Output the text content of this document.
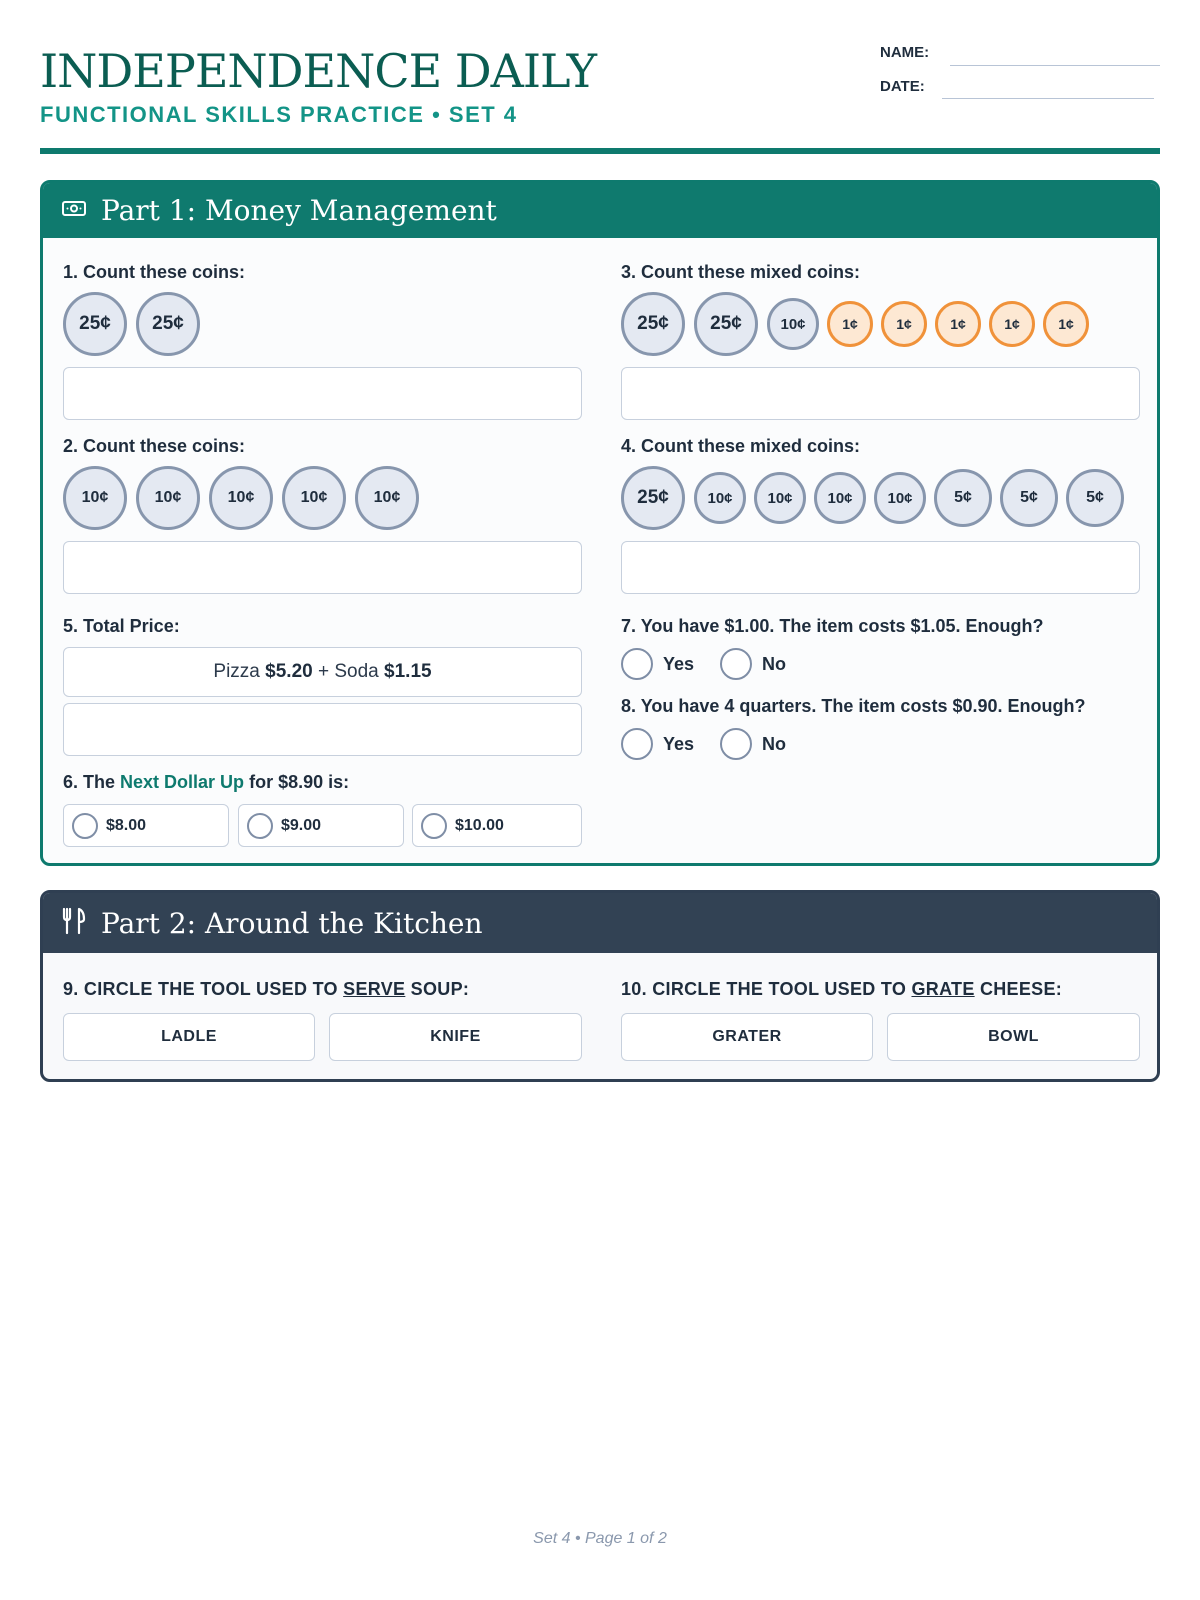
INDEPENDENCE DAILY
FUNCTIONAL SKILLS PRACTICE • SET 4
NAME:
DATE:
Part 1: Money Management
1. Count these coins:
25¢	25¢
2. Count these coins:
10¢	10¢	10¢	10¢	10¢
3. Count these mixed coins:
25¢	25¢	10¢	1¢	1¢	1¢	1¢	1¢
4. Count these mixed coins:
25¢	10¢	10¢	10¢	10¢	5¢	5¢	5¢
5. Total Price:
Pizza
$5.20
+
Soda
$1.15
6. The Next Dollar Up for $8.90 is:
$8.00	$9.00	$10.00
7. You have $1.00. The item costs $1.05. Enough?
Yes	No
8. You have 4 quarters. The item costs $0.90. Enough?
Yes	No
Part 2: Around the Kitchen
9. CIRCLE THE TOOL USED TO SERVE SOUP:
LADLE	KNIFE
10. CIRCLE THE TOOL USED TO GRATE CHEESE:
GRATER	BOWL
Set 4 • Page 1 of 2
